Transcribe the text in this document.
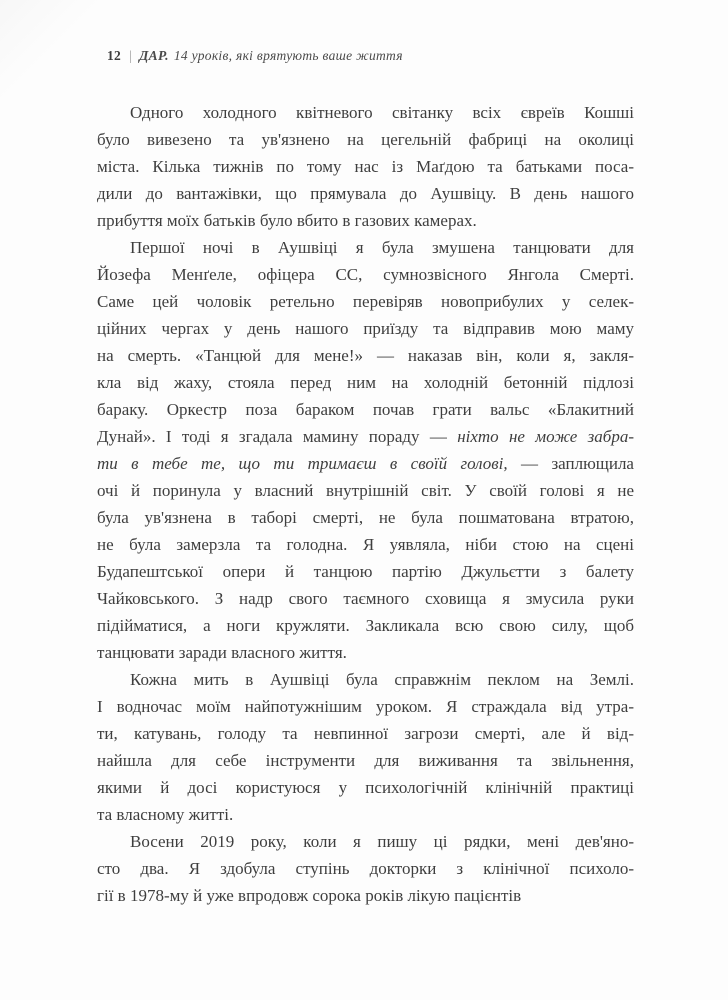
12 | ДАР. 14 уроків, які врятують ваше життя
Одного холодного квітневого світанку всіх євреїв Кошші
було вивезено та ув'язнено на цегельній фабриці на околиці
міста. Кілька тижнів по тому нас із Маґдою та батьками поса-
дили до вантажівки, що прямувала до Аушвіцу. В день нашого
прибуття моїх батьків було вбито в газових камерах.
Першої ночі в Аушвіці я була змушена танцювати для
Йозефа Менґеле, офіцера СС, сумнозвісного Янгола Смерті.
Саме цей чоловік ретельно перевіряв новоприбулих у селек-
ційних чергах у день нашого приїзду та відправив мою маму
на смерть. «Танцюй для мене!» — наказав він, коли я, закля-
кла від жаху, стояла перед ним на холодній бетонній підлозі
бараку. Оркестр поза бараком почав грати вальс «Блакитний
Дунай». І тоді я згадала мамину пораду — ніхто не може забра-
ти в тебе те, що ти тримаєш в своїй голові, — заплющила
очі й поринула у власний внутрішній світ. У своїй голові я не
була ув'язнена в таборі смерті, не була пошматована втратою,
не була замерзла та голодна. Я уявляла, ніби стою на сцені
Будапештської опери й танцюю партію Джульєтти з балету
Чайковського. З надр свого таємного сховища я змусила руки
підійматися, а ноги кружляти. Закликала всю свою силу, щоб
танцювати заради власного життя.
Кожна мить в Аушвіці була справжнім пеклом на Землі.
І водночас моїм найпотужнішим уроком. Я страждала від утра-
ти, катувань, голоду та невпинної загрози смерті, але й від-
найшла для себе інструменти для виживання та звільнення,
якими й досі користуюся у психологічній клінічній практиці
та власному житті.
Восени 2019 року, коли я пишу ці рядки, мені дев'яно-
сто два. Я здобула ступінь докторки з клінічної психоло-
гії в 1978-му й уже впродовж сорока років лікую пацієнтів
